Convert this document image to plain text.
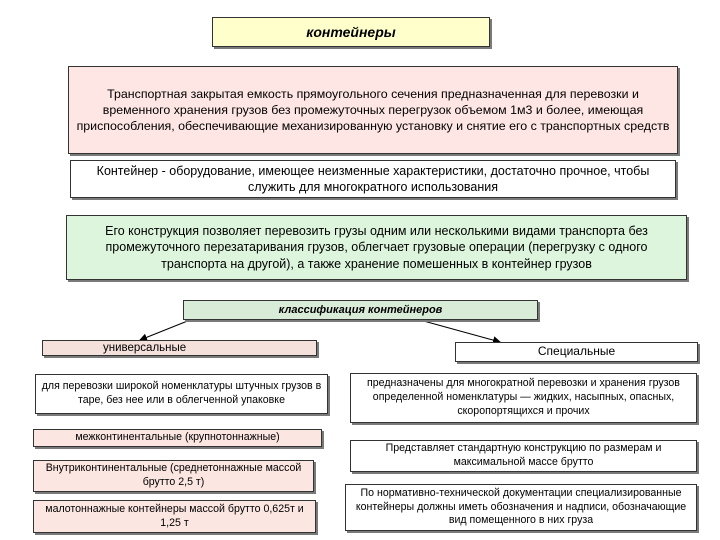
контейнеры
Транспортная закрытая емкость прямоугольного сечения предназначенная для перевозки и временного хранения грузов без промежуточных перегрузок объемом 1м3 и более, имеющая приспособления, обеспечивающие механизированную установку и снятие его с транспортных средств
Контейнер - оборудование, имеющее неизменные характеристики, достаточно прочное, чтобы служить для многократного использования
Его конструкция позволяет перевозить грузы одним или несколькими видами транспорта без промежуточного перезатаривания грузов, облегчает грузовые операции (перегрузку с одного транспорта на другой), а также хранение помешенных в контейнер грузов
классификация контейнеров
универсальные	Специальные
для перевозки широкой номенклатуры штучных грузов в таре, без нее или в облегченной упаковке
межконтинентальные (крупнотоннажные)
Внутриконтинентальные (среднетоннажные массой брутто 2,5 т)
малотоннажные контейнеры массой брутто 0,625т и 1,25 т
предназначены для многократной перевозки и хранения грузов определенной номенклатуры — жидких, насыпных, опасных, скоропортящихся и прочих
Представляет стандартную конструкцию по размерам и максимальной массе брутто
По нормативно-технической документации специализированные контейнеры должны иметь обозначения и надписи, обозначающие вид помещенного в них груза
